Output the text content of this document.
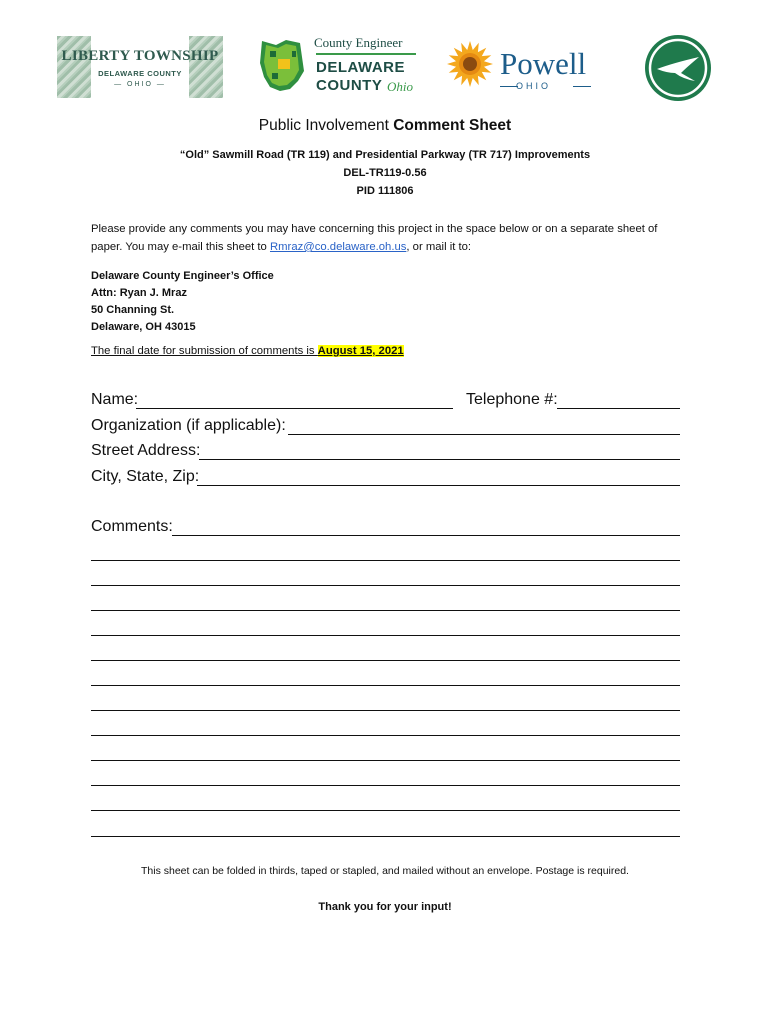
LIBERTY TOWNSHIP
DELAWARE COUNTY
— OHIO —
County Engineer
DELAWARE
COUNTY Ohio
Powell
OHIO
Public Involvement Comment Sheet
“Old” Sawmill Road (TR 119) and Presidential Parkway (TR 717) Improvements
DEL-TR119-0.56
PID 111806
Please provide any comments you may have concerning this project in the space below or on a separate sheet of paper. You may e-mail this sheet to Rmraz@co.delaware.oh.us, or mail it to:
Delaware County Engineer’s Office
Attn: Ryan J. Mraz
50 Channing St.
Delaware, OH 43015
The final date for submission of comments is August 15, 2021
Name:	Telephone #:
Organization (if applicable):
Street Address:
City, State, Zip:
Comments:
This sheet can be folded in thirds, taped or stapled, and mailed without an envelope. Postage is required.
Thank you for your input!
